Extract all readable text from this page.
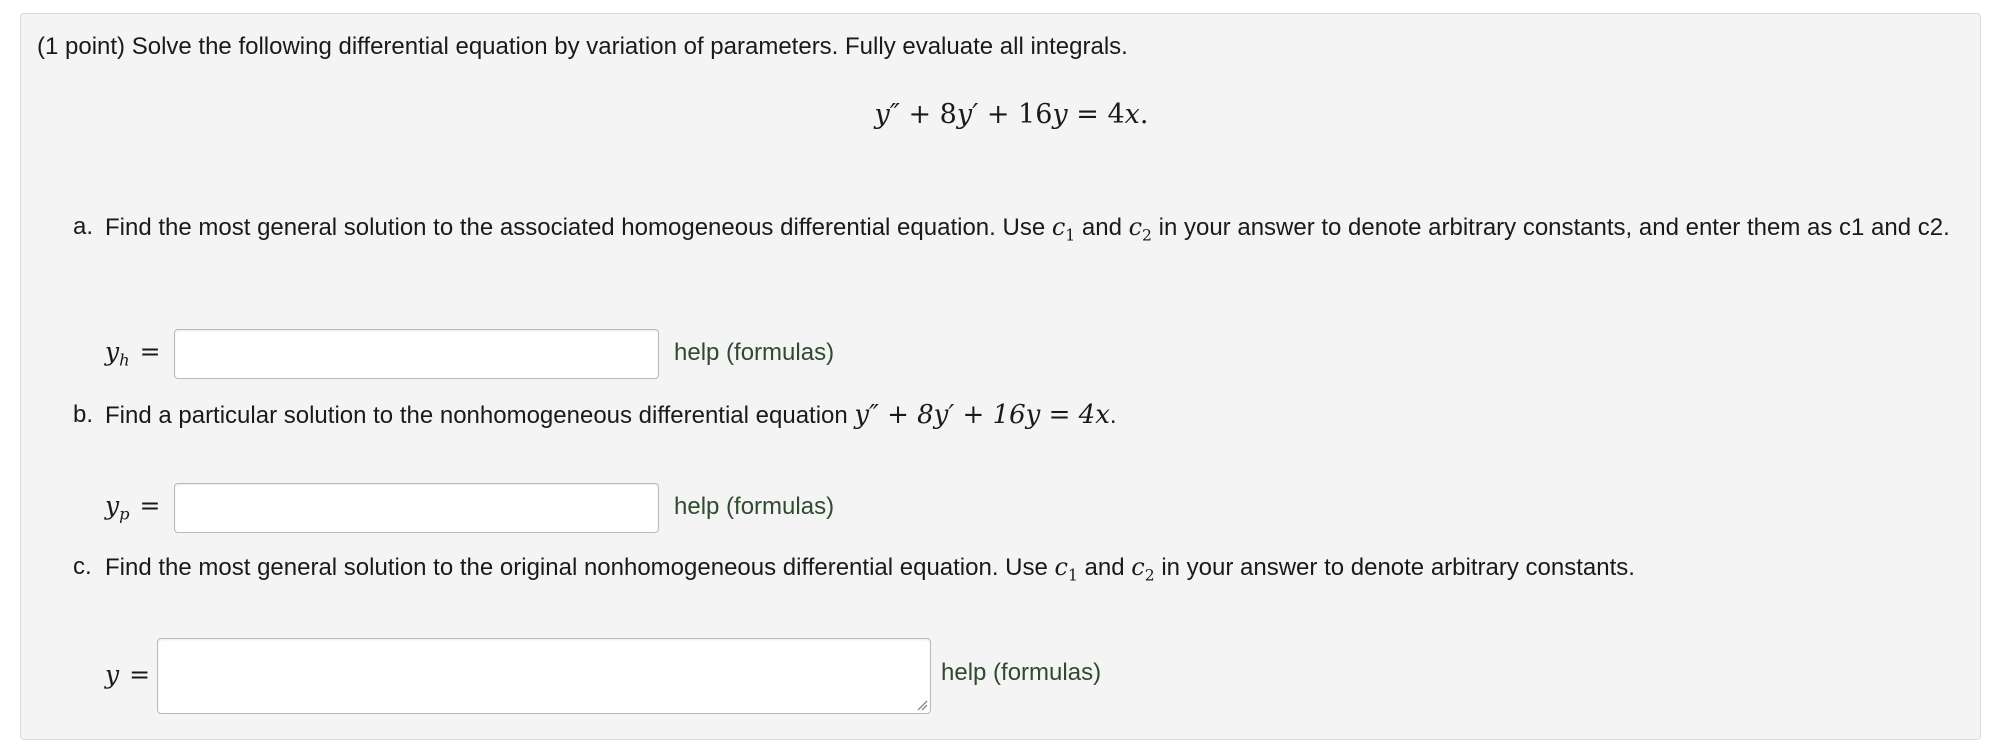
(1 point) Solve the following differential equation by variation of parameters. Fully evaluate all integrals.
y″ + 8y′ + 16y = 4x.
a. Find the most general solution to the associated homogeneous differential equation. Use $c_1$ and $c_2$ in your answer to denote arbitrary constants, and enter them as c1 and c2.
$y_h$ =	help (formulas)
b. Find a particular solution to the nonhomogeneous differential equation y″ + 8y′ + 16y = 4x.
$y_p$ =	help (formulas)
c. Find the most general solution to the original nonhomogeneous differential equation. Use $c_1$ and $c_2$ in your answer to denote arbitrary constants.
y =	help (formulas)
